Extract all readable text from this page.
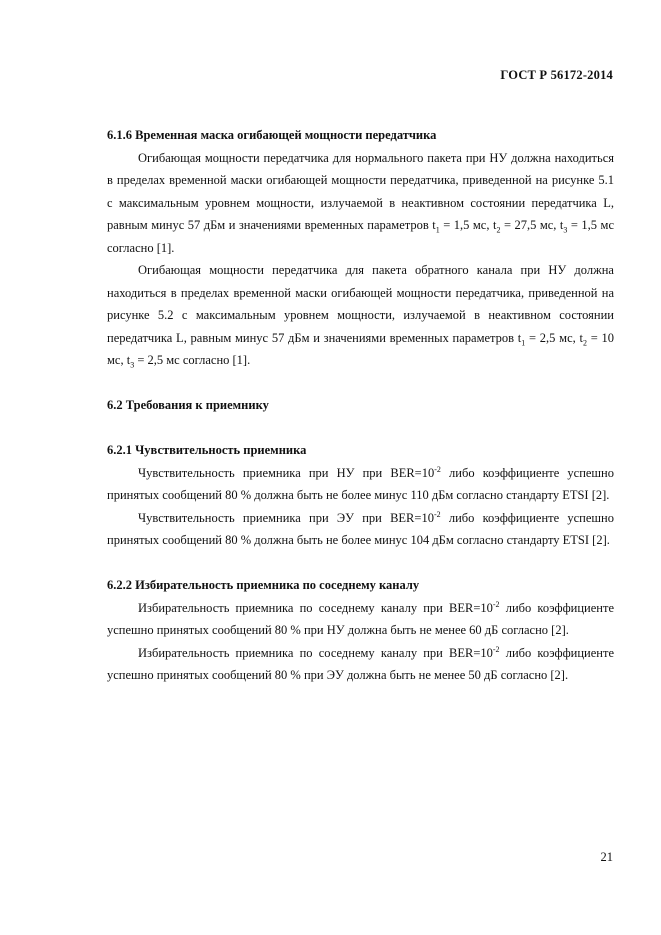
ГОСТ Р 56172-2014

6.1.6 Временная маска огибающей мощности передатчика

Огибающая мощности передатчика для нормального пакета при НУ должна находиться в пределах временной маски огибающей мощности передатчика, приведенной на рисунке 5.1 с максимальным уровнем мощности, излучаемой в неактивном состоянии передатчика L, равным минус 57 дБм и значениями временных параметров $t_1 = 1,5$ мс, $t_2 = 27,5$ мс, $t_3 = 1,5$ мс согласно [1].

Огибающая мощности передатчика для пакета обратного канала при НУ должна находиться в пределах временной маски огибающей мощности передатчика, приведенной на рисунке 5.2 с максимальным уровнем мощности, излучаемой в неактивном состоянии передатчика L, равным минус 57 дБм и значениями временных параметров $t_1 = 2,5$ мс, $t_2 = 10$ мс, $t_3 = 2,5$ мс согласно [1].

6.2 Требования к приемнику

6.2.1 Чувствительность приемника

Чувствительность приемника при НУ при $BER=10^{-2}$ либо коэффициенте успешно принятых сообщений 80 % должна быть не более минус 110 дБм согласно стандарту ETSI [2].

Чувствительность приемника при ЭУ при $BER=10^{-2}$ либо коэффициенте успешно принятых сообщений 80 % должна быть не более минус 104 дБм согласно стандарту ETSI [2].

6.2.2 Избирательность приемника по соседнему каналу

Избирательность приемника по соседнему каналу при $BER=10^{-2}$ либо коэффициенте успешно принятых сообщений 80 % при НУ должна быть не менее 60 дБ согласно [2].

Избирательность приемника по соседнему каналу при $BER=10^{-2}$ либо коэффициенте успешно принятых сообщений 80 % при ЭУ должна быть не менее 50 дБ согласно [2].

21
